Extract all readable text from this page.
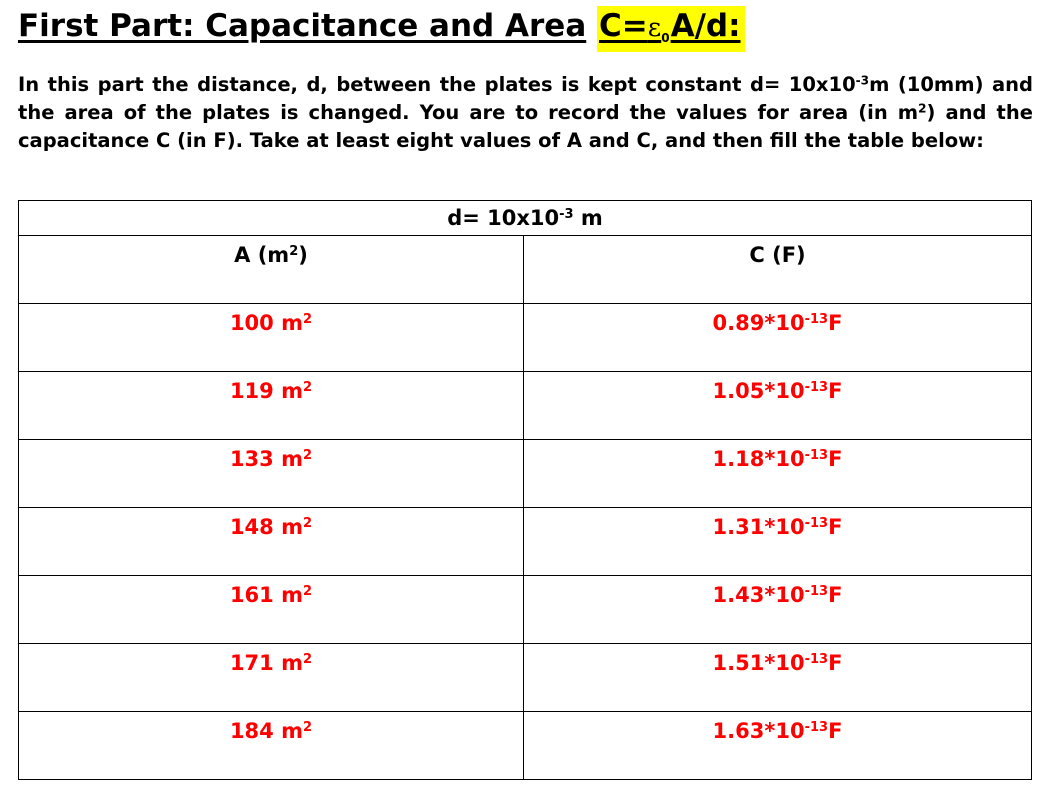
First Part: Capacitance and Area C=ε0A/d:
In this part the distance, d, between the plates is kept constant $d= 10x10^{-3}m$ (10mm) and the area of the plates is changed. You are to record the values for area (in $m^2$) and the capacitance C (in F). Take at least eight values of A and C, and then fill the table below:
$d= 10x10^{-3}$ m	
A $(m^2)$	C (F)
100 $m^2$	$0.89*10^{-13}F$
119 $m^2$	$1.05*10^{-13}F$
133 $m^2$	$1.18*10^{-13}F$
148 $m^2$	$1.31*10^{-13}F$
161 $m^2$	$1.43*10^{-13}F$
171 $m^2$	$1.51*10^{-13}F$
184 $m^2$	$1.63*10^{-13}F$
